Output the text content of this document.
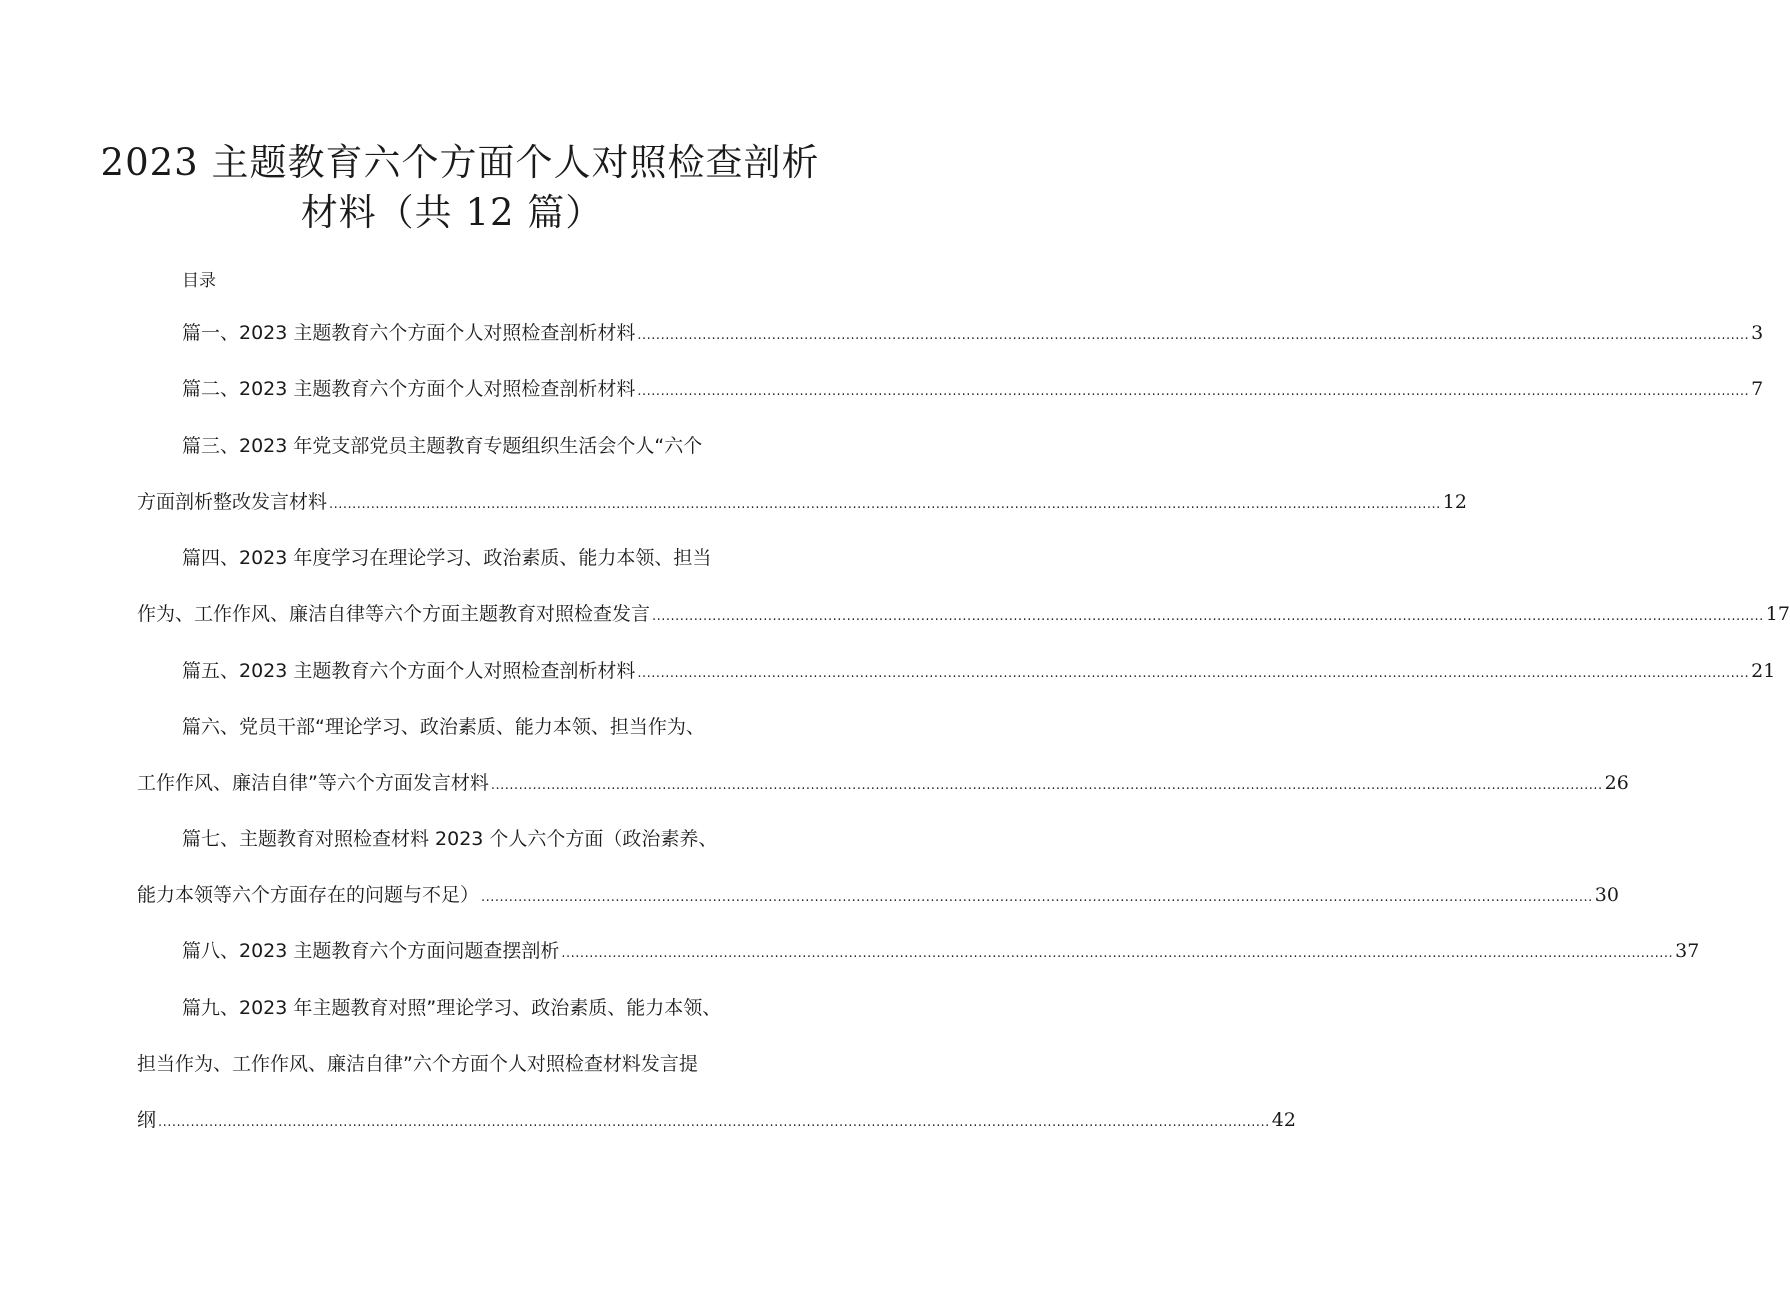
2023 主题教育六个方面个人对照检查剖析
材料（共 12 篇）
目录
篇一、2023 主题教育六个方面个人对照检查剖析材料 ................................................................................................................................................................................................................................................ 3
篇二、2023 主题教育六个方面个人对照检查剖析材料 ................................................................................................................................................................................................................................................ 7
篇三、2023 年党支部党员主题教育专题组织生活会个人“六个
方面剖析整改发言材料 ................................................................................................................................................................................................................................................ 12
篇四、2023 年度学习在理论学习、政治素质、能力本领、担当
作为、工作作风、廉洁自律等六个方面主题教育对照检查发言 ................................................................................................................................................................................................................................................ 17
篇五、2023 主题教育六个方面个人对照检查剖析材料 ................................................................................................................................................................................................................................................ 21
篇六、党员干部“理论学习、政治素质、能力本领、担当作为、
工作作风、廉洁自律”等六个方面发言材料 ................................................................................................................................................................................................................................................ 26
篇七、主题教育对照检查材料 2023 个人六个方面（政治素养、
能力本领等六个方面存在的问题与不足） ................................................................................................................................................................................................................................................ 30
篇八、2023 主题教育六个方面问题查摆剖析 ................................................................................................................................................................................................................................................ 37
篇九、2023 年主题教育对照”理论学习、政治素质、能力本领、
担当作为、工作作风、廉洁自律”六个方面个人对照检查材料发言提
纲 ................................................................................................................................................................................................................................................ 42
